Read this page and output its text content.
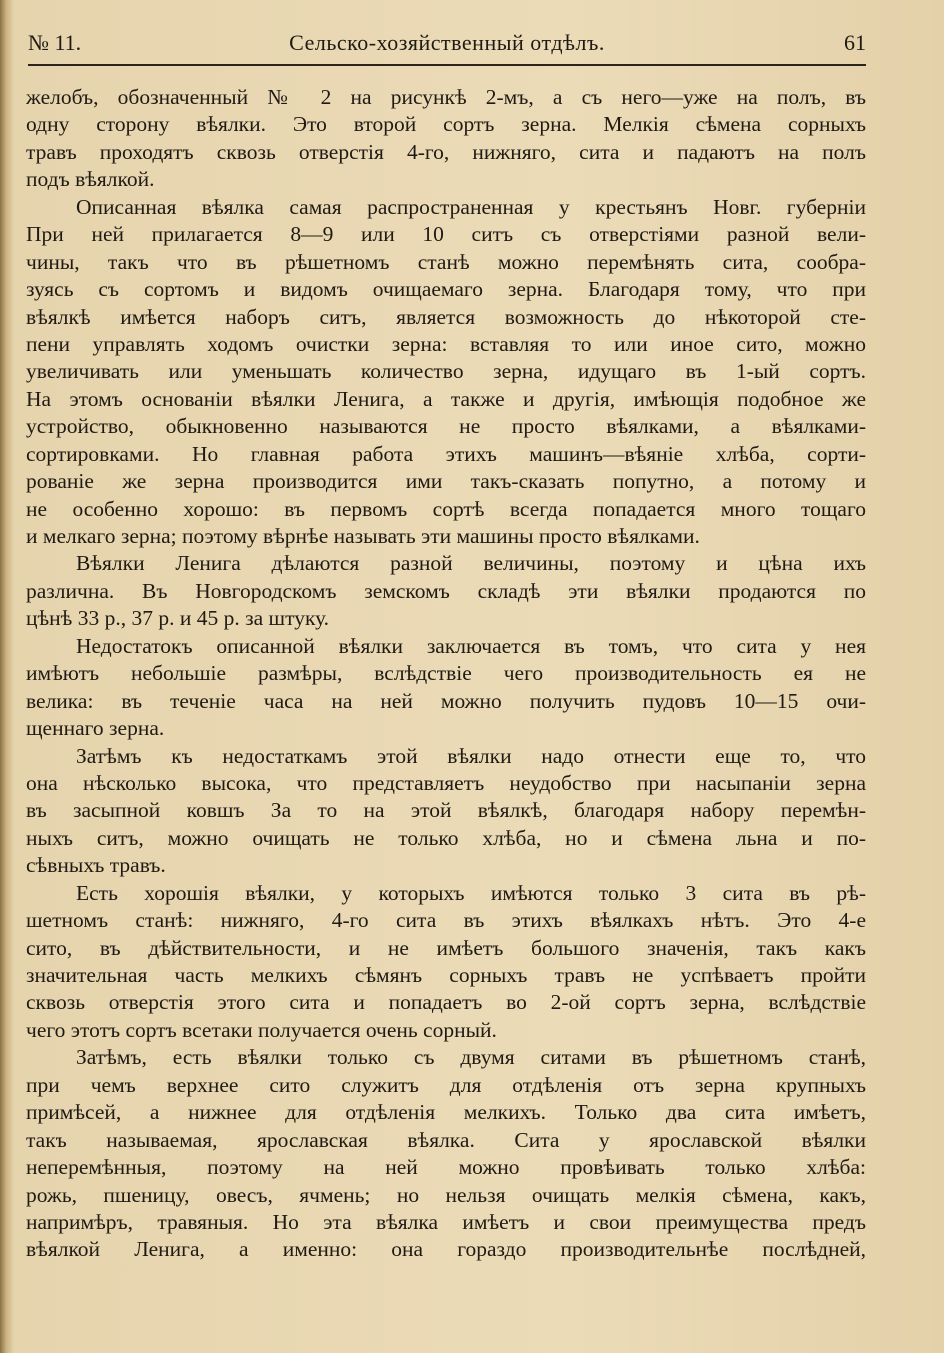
№ 11.	Сельско-хозяйственный отдѣлъ.	61
желобъ, обозначенный № 2 на рисункѣ 2-мъ, а съ него—уже на полъ, въ
одну сторону вѣялки. Это второй сортъ зерна. Мелкія сѣмена сорныхъ
травъ проходятъ сквозь отверстія 4-го, нижняго, сита и падаютъ на полъ
подъ вѣялкой.
Описанная вѣялка самая распространенная у крестьянъ Новг. губерніи
При ней прилагается 8—9 или 10 ситъ съ отверстіями разной вели-
чины, такъ что въ рѣшетномъ станѣ можно перемѣнять сита, сообра-
зуясь съ сортомъ и видомъ очищаемаго зерна. Благодаря тому, что при
вѣялкѣ имѣется наборъ ситъ, является возможность до нѣкоторой сте-
пени управлять ходомъ очистки зерна: вставляя то или иное сито, можно
увеличивать или уменьшать количество зерна, идущаго въ 1-ый сортъ.
На этомъ основаніи вѣялки Ленига, а также и другія, имѣющія подобное же
устройство, обыкновенно называются не просто вѣялками, а вѣялками-
сортировками. Но главная работа этихъ машинъ—вѣяніе хлѣба, сорти-
рованіе же зерна производится ими такъ-сказать попутно, а потому и
не особенно хорошо: въ первомъ сортѣ всегда попадается много тощаго
и мелкаго зерна; поэтому вѣрнѣе называть эти машины просто вѣялками.
Вѣялки Ленига дѣлаются разной величины, поэтому и цѣна ихъ
различна. Въ Новгородскомъ земскомъ складѣ эти вѣялки продаются по
цѣнѣ 33 р., 37 р. и 45 р. за штуку.
Недостатокъ описанной вѣялки заключается въ томъ, что сита у нея
имѣютъ небольшіе размѣры, вслѣдствіе чего производительность ея не
велика: въ теченіе часа на ней можно получить пудовъ 10—15 очи-
щеннаго зерна.
Затѣмъ къ недостаткамъ этой вѣялки надо отнести еще то, что
она нѣсколько высока, что представляетъ неудобство при насыпаніи зерна
въ засыпной ковшъ За то на этой вѣялкѣ, благодаря набору перемѣн-
ныхъ ситъ, можно очищать не только хлѣба, но и сѣмена льна и по-
сѣвныхъ травъ.
Есть хорошія вѣялки, у которыхъ имѣются только 3 сита въ рѣ-
шетномъ станѣ: нижняго, 4-го сита въ этихъ вѣялкахъ нѣтъ. Это 4-е
сито, въ дѣйствительности, и не имѣетъ большого значенія, такъ какъ
значительная часть мелкихъ сѣмянъ сорныхъ травъ не успѣваетъ пройти
сквозь отверстія этого сита и попадаетъ во 2-ой сортъ зерна, вслѣдствіе
чего этотъ сортъ всетаки получается очень сорный.
Затѣмъ, есть вѣялки только съ двумя ситами въ рѣшетномъ станѣ,
при чемъ верхнее сито служитъ для отдѣленія отъ зерна крупныхъ
примѣсей, а нижнее для отдѣленія мелкихъ. Только два сита имѣетъ,
такъ называемая, ярославская вѣялка. Сита у ярославской вѣялки
неперемѣнныя, поэтому на ней можно провѣивать только хлѣба:
рожь, пшеницу, овесъ, ячмень; но нельзя очищать мелкія сѣмена, какъ,
напримѣръ, травяныя. Но эта вѣялка имѣетъ и свои преимущества предъ
вѣялкой Ленига, а именно: она гораздо производительнѣе послѣдней,
